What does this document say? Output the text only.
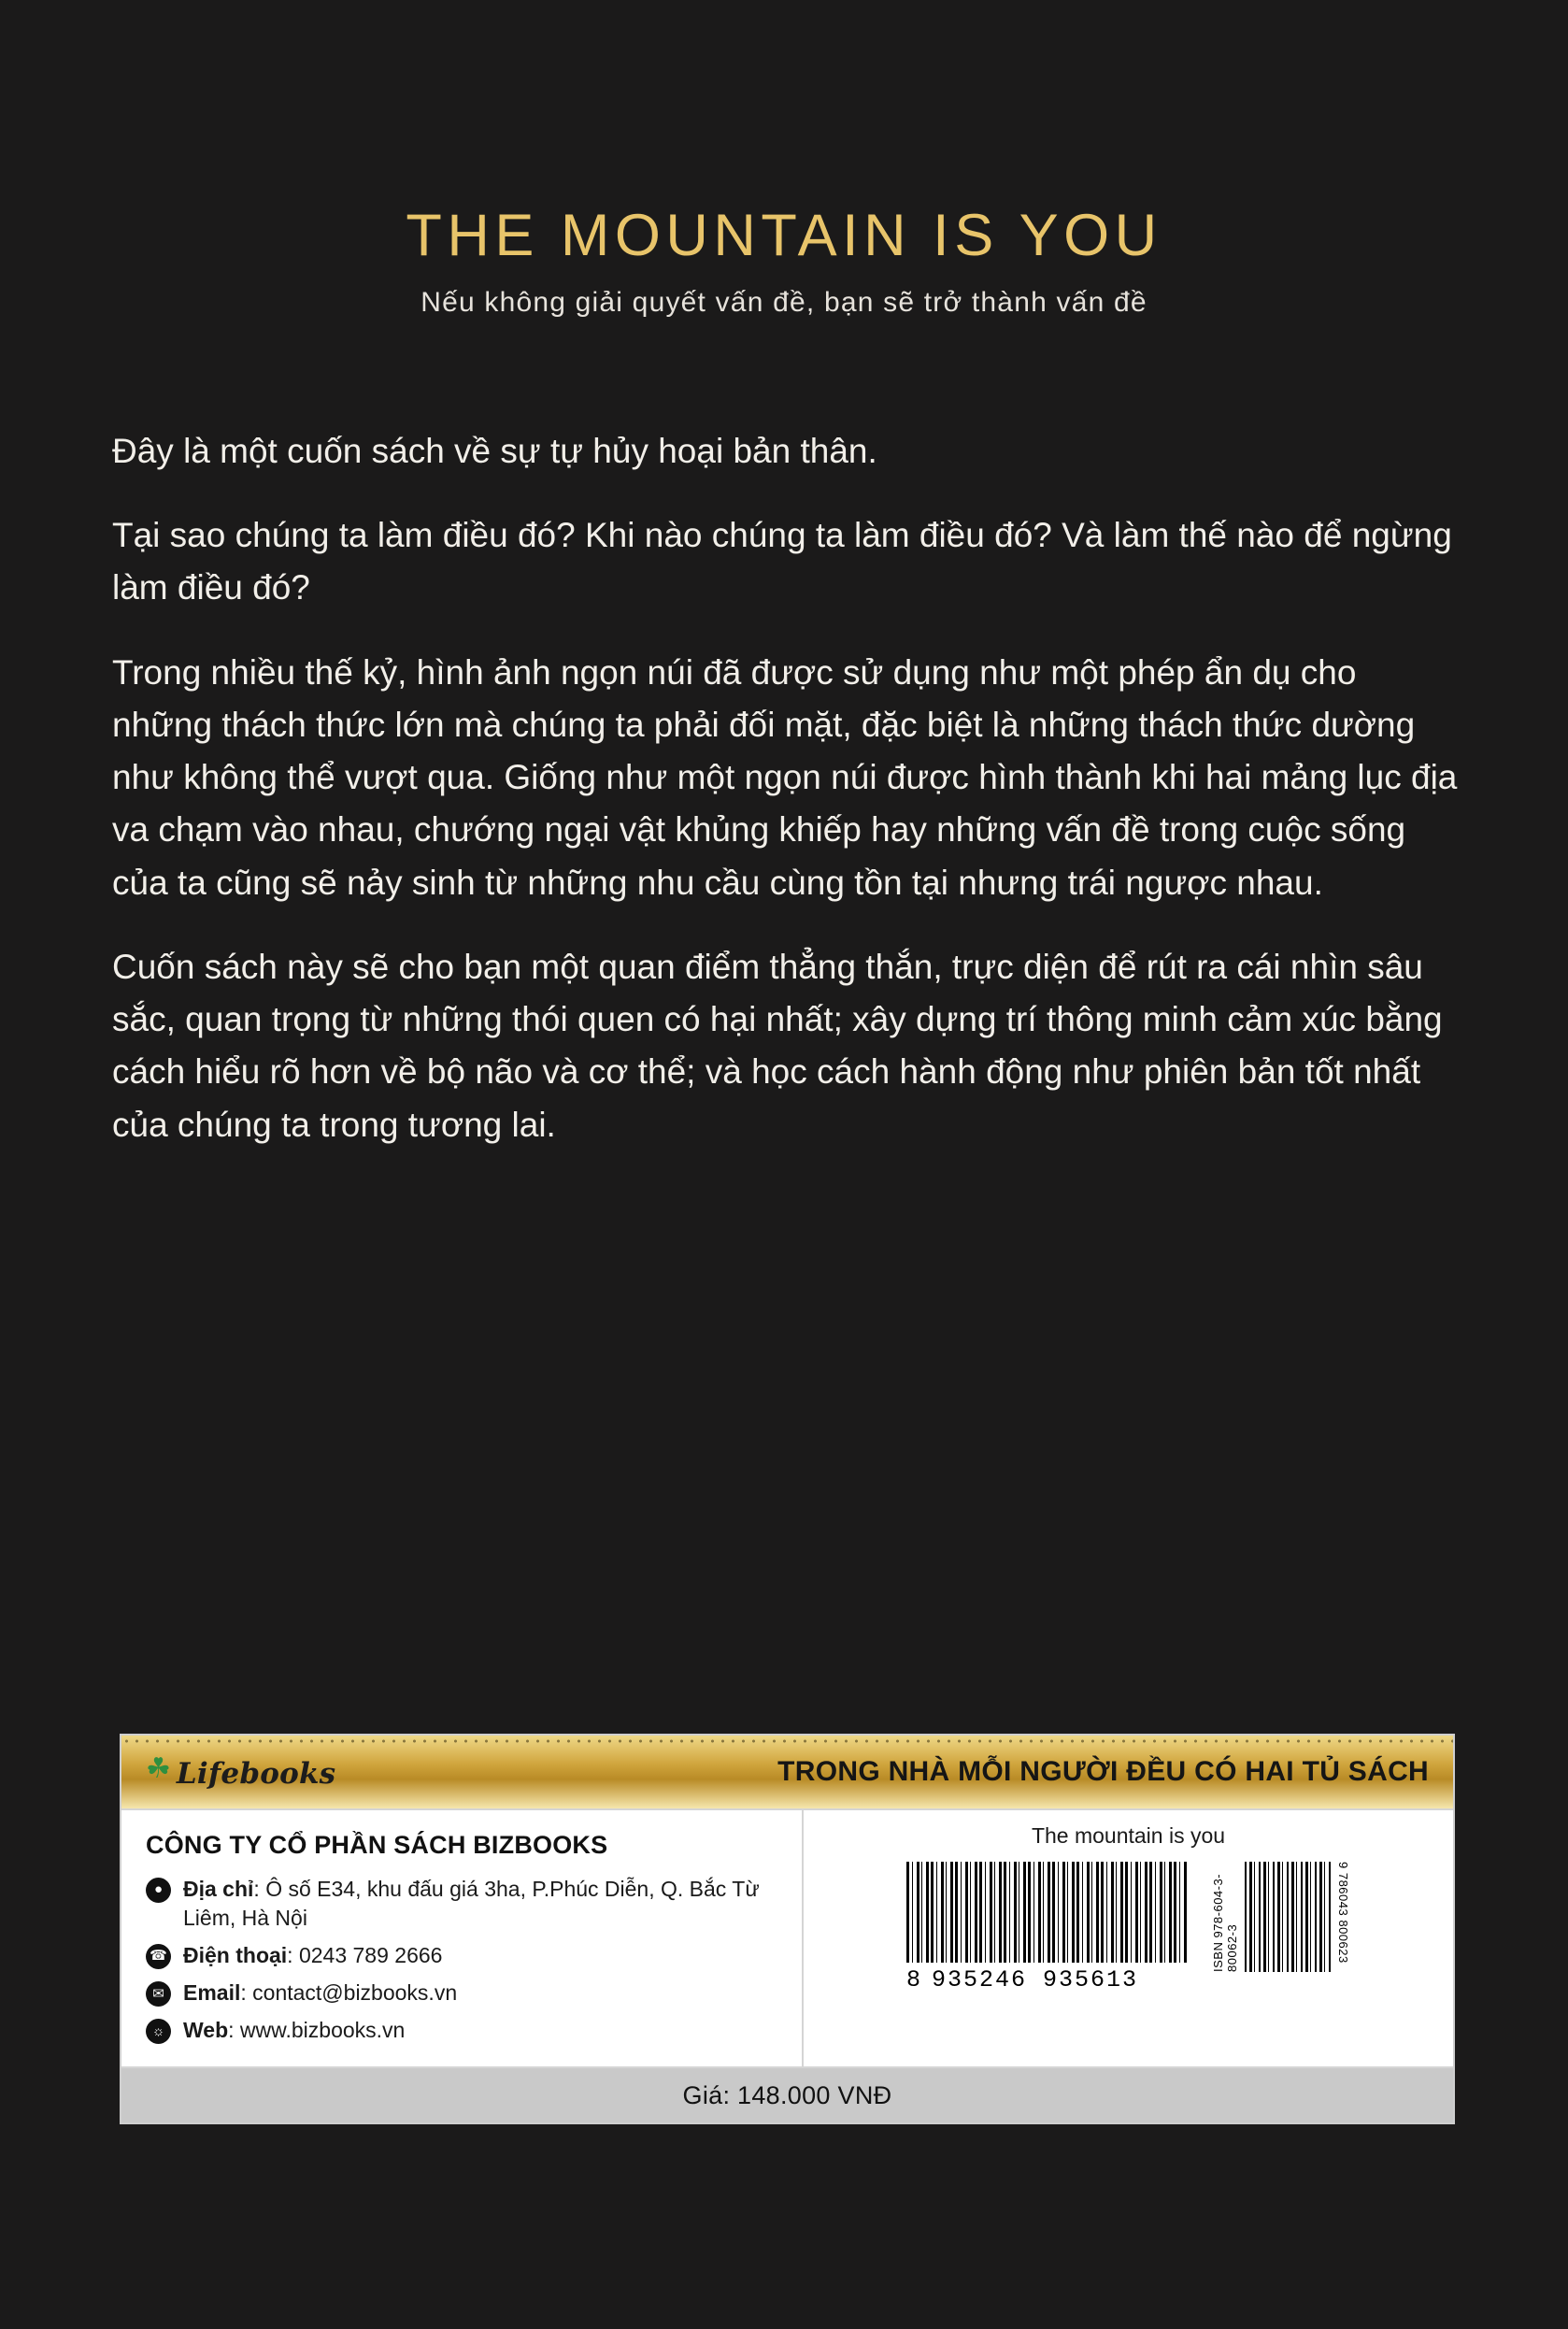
THE MOUNTAIN IS YOU
Nếu không giải quyết vấn đề, bạn sẽ trở thành vấn đề

Đây là một cuốn sách về sự tự hủy hoại bản thân.

Tại sao chúng ta làm điều đó? Khi nào chúng ta làm điều đó? Và làm thế nào để ngừng làm điều đó?

Trong nhiều thế kỷ, hình ảnh ngọn núi đã được sử dụng như một phép ẩn dụ cho những thách thức lớn mà chúng ta phải đối mặt, đặc biệt là những thách thức dường như không thể vượt qua. Giống như một ngọn núi được hình thành khi hai mảng lục địa va chạm vào nhau, chướng ngại vật khủng khiếp hay những vấn đề trong cuộc sống của ta cũng sẽ nảy sinh từ những nhu cầu cùng tồn tại nhưng trái ngược nhau.

Cuốn sách này sẽ cho bạn một quan điểm thẳng thắn, trực diện để rút ra cái nhìn sâu sắc, quan trọng từ những thói quen có hại nhất; xây dựng trí thông minh cảm xúc bằng cách hiểu rõ hơn về bộ não và cơ thể; và học cách hành động như phiên bản tốt nhất của chúng ta trong tương lai.

☘ Lifebooks	TRONG NHÀ MỖI NGƯỜI ĐỀU CÓ HAI TỦ SÁCH
CÔNG TY CỔ PHẦN SÁCH BIZBOOKS
● Địa chỉ: Ô số E34, khu đấu giá 3ha, P.Phúc Diễn, Q. Bắc Từ Liêm, Hà Nội
☎ Điện thoại: 0243 789 2666
✉ Email: contact@bizbooks.vn
☼ Web: www.bizbooks.vn
The mountain is you
8 935246 935613
ISBN 978-604-3-80062-3	9 786043 800623
Giá: 148.000 VNĐ
